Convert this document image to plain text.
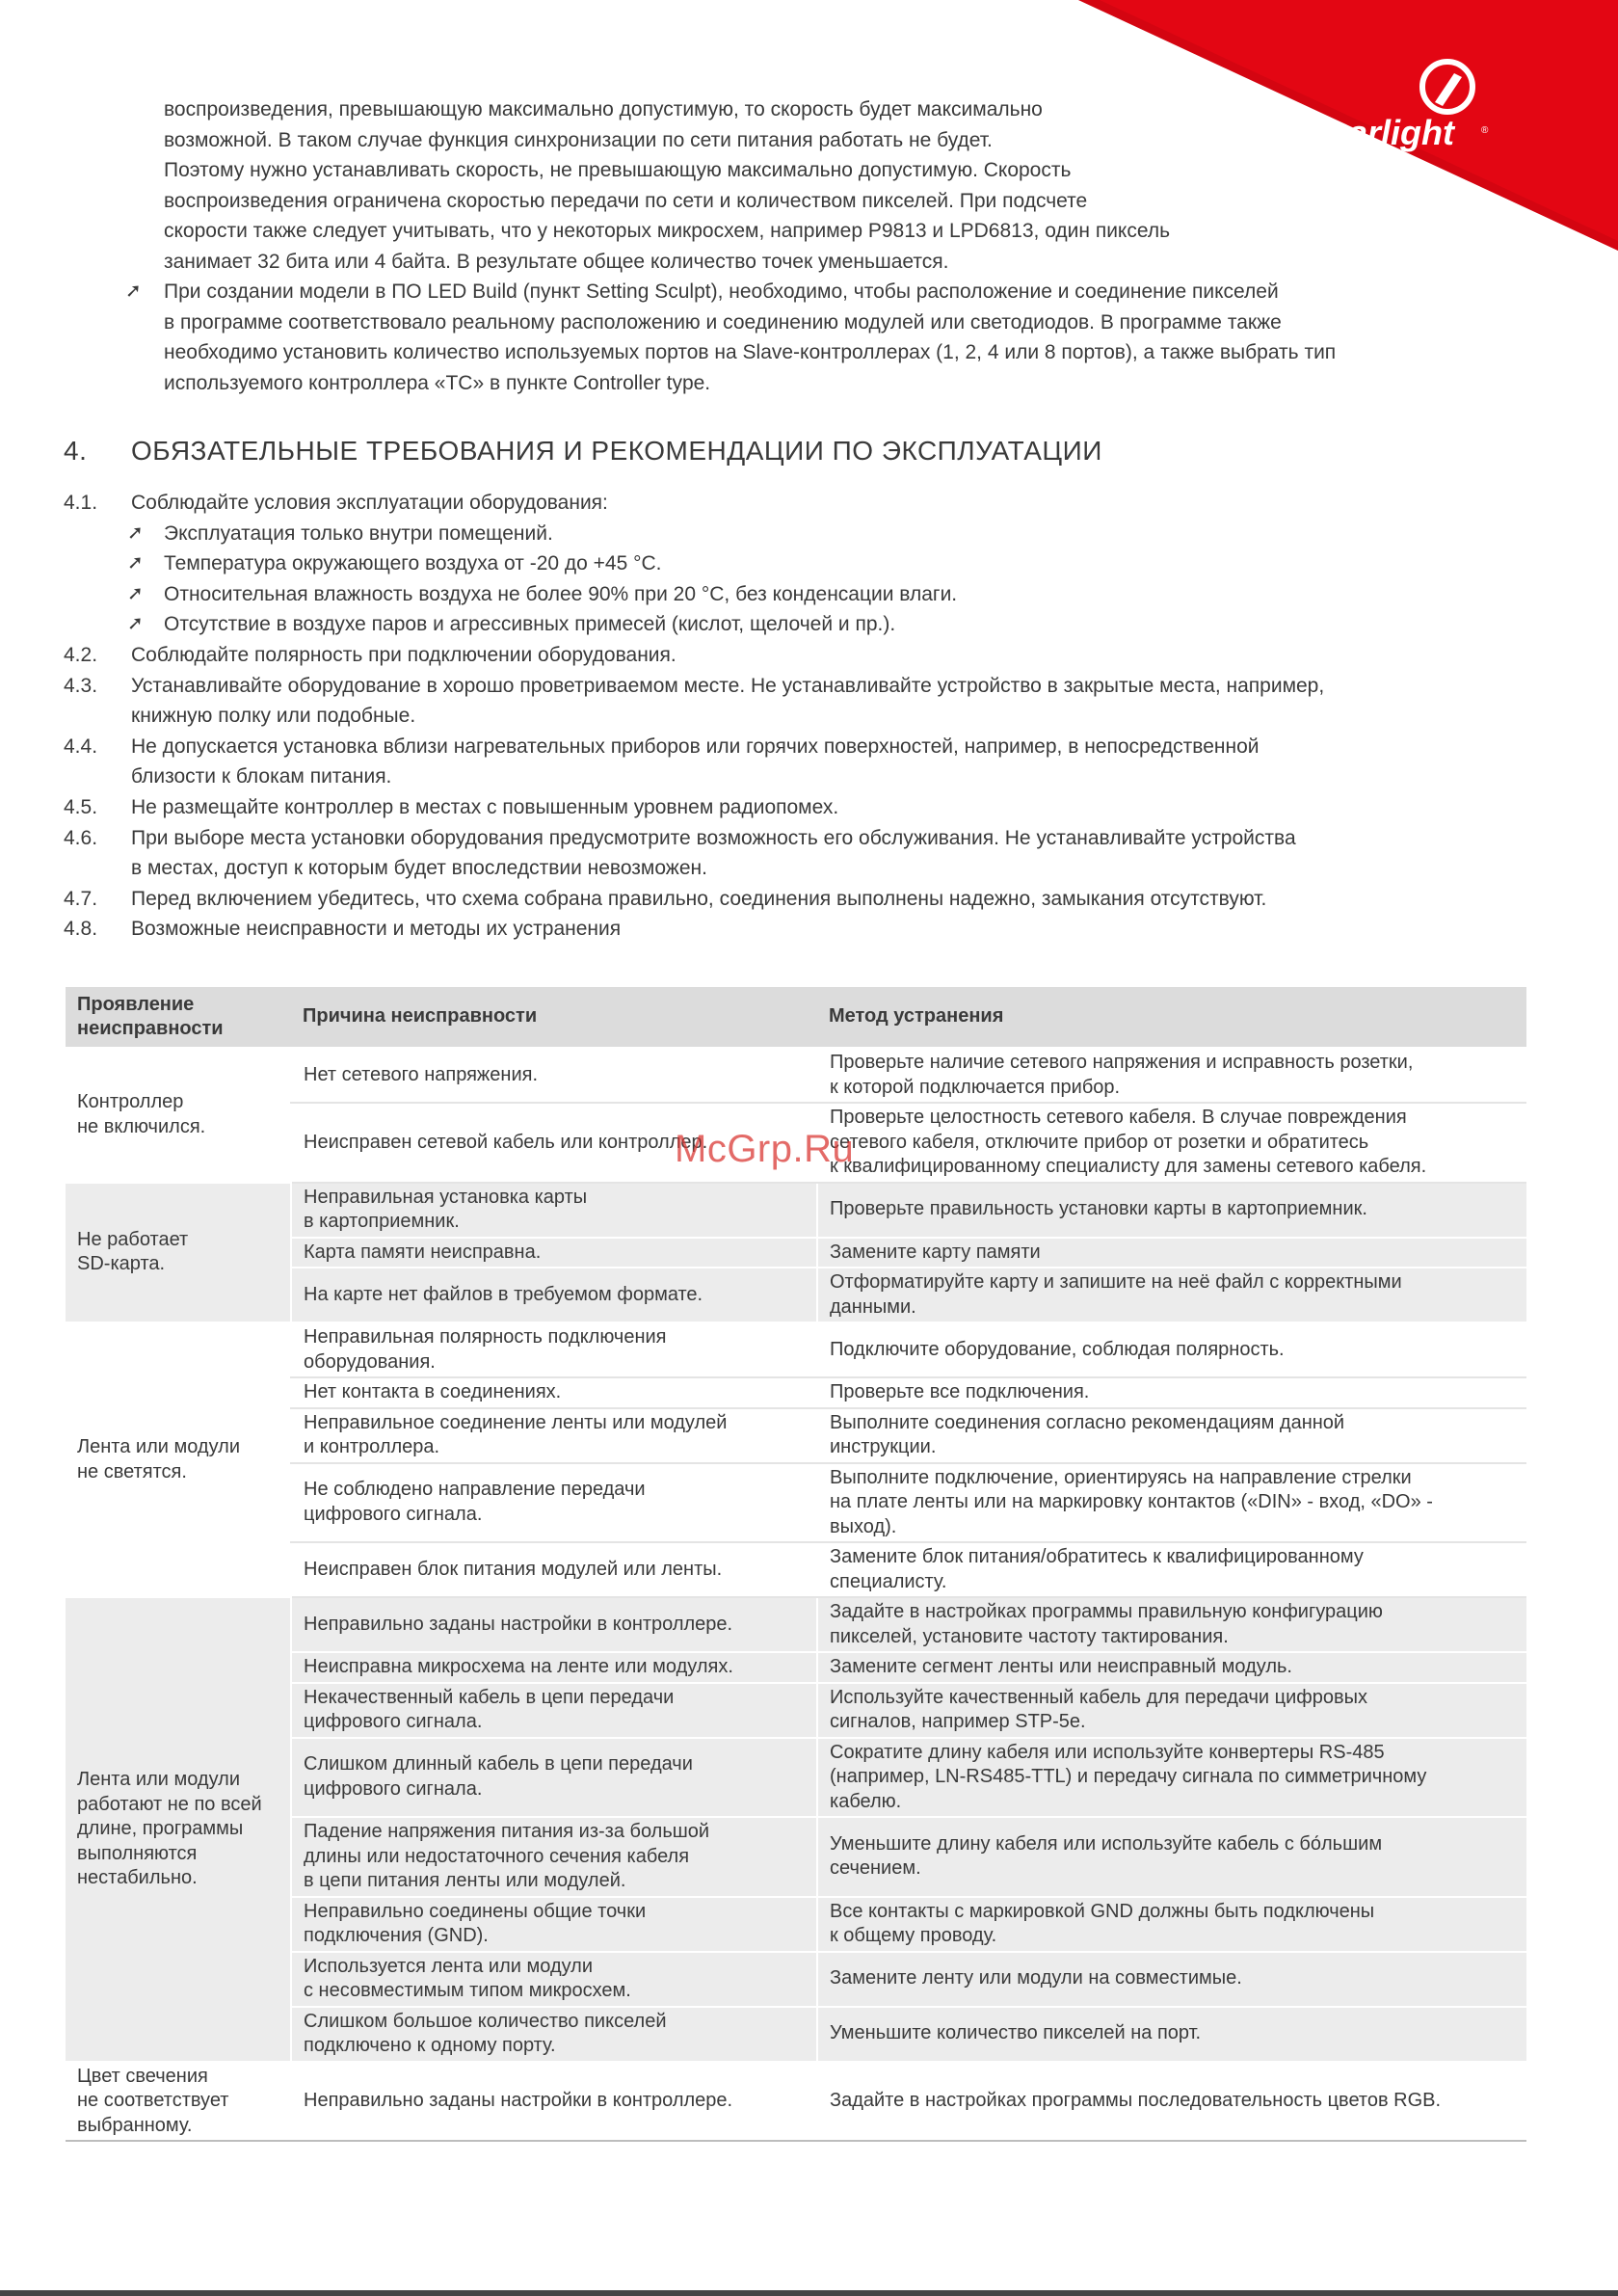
arlight	®

воспроизведения, превышающую максимально допустимую, то скорость будет максимально

возможной. В таком случае функция синхронизации по сети питания работать не будет.

Поэтому нужно устанавливать скорость, не превышающую максимально допустимую. Скорость

воспроизведения ограничена скоростью передачи по сети и количеством пикселей. При подсчете

скорости также следует учитывать, что у некоторых микросхем, например P9813 и LPD6813, один пиксель

занимает 32 бита или 4 байта. В результате общее количество точек уменьшается.

➚ При создании модели в ПО LED Build (пункт Setting Sculpt), необходимо, чтобы расположение и соединение пикселей

в программе соответствовало реальному расположению и соединению модулей или светодиодов. В программе также

необходимо установить количество используемых портов на Slave-контроллерах (1, 2, 4 или 8 портов), а также выбрать тип

используемого контроллера «TC» в пункте Controller type.

4. ОБЯЗАТЕЛЬНЫЕ ТРЕБОВАНИЯ И РЕКОМЕНДАЦИИ ПО ЭКСПЛУАТАЦИИ
4.1. Соблюдайте условия эксплуатации оборудования:
➚ Эксплуатация только внутри помещений.
➚ Температура окружающего воздуха от -20 до +45 °C.
➚ Относительная влажность воздуха не более 90% при 20 °C, без конденсации влаги.
➚ Отсутствие в воздухе паров и агрессивных примесей (кислот, щелочей и пр.).
4.2. Соблюдайте полярность при подключении оборудования.
4.3. Устанавливайте оборудование в хорошо проветриваемом месте. Не устанавливайте устройство в закрытые места, например,
книжную полку или подобные.
4.4. Не допускается установка вблизи нагревательных приборов или горячих поверхностей, например, в непосредственной
близости к блокам питания.
4.5. Не размещайте контроллер в местах с повышенным уровнем радиопомех.
4.6. При выборе места установки оборудования предусмотрите возможность его обслуживания. Не устанавливайте устройства
в местах, доступ к которым будет впоследствии невозможен.
4.7. Перед включением убедитесь, что схема собрана правильно, соединения выполнены надежно, замыкания отсутствуют.
4.8. Возможные неисправности и методы их устранения
Проявление
неисправности	Причина неисправности	Метод устранения
Контроллер
не включился.	Нет сетевого напряжения.	Проверьте наличие сетевого напряжения и исправность розетки,
к которой подключается прибор.
	Неисправен сетевой кабель или контроллер.	Проверьте целостность сетевого кабеля. В случае повреждения
сетевого кабеля, отключите прибор от розетки и обратитесь
к квалифицированному специалисту для замены сетевого кабеля.
Не работает
SD-карта.	Неправильная установка карты
в картоприемник.	Проверьте правильность установки карты в картоприемник.
	Карта памяти неисправна.	Замените карту памяти
	На карте нет файлов в требуемом формате.	Отформатируйте карту и запишите на неё файл с корректными
данными.
Лента или модули
не светятся.	Неправильная полярность подключения
оборудования.	Подключите оборудование, соблюдая полярность.
	Нет контакта в соединениях.	Проверьте все подключения.
	Неправильное соединение ленты или модулей
и контроллера.	Выполните соединения согласно рекомендациям данной
инструкции.
	Не соблюдено направление передачи
цифрового сигнала.	Выполните подключение, ориентируясь на направление стрелки
на плате ленты или на маркировку контактов («DIN» - вход, «DO» -
выход).
	Неисправен блок питания модулей или ленты.	Замените блок питания/обратитесь к квалифицированному
специалисту.
Лента или модули
работают не по всей
длине, программы
выполняются
нестабильно.	Неправильно заданы настройки в контроллере.	Задайте в настройках программы правильную конфигурацию
пикселей, установите частоту тактирования.
	Неисправна микросхема на ленте или модулях.	Замените сегмент ленты или неисправный модуль.
	Некачественный кабель в цепи передачи
цифрового сигнала.	Используйте качественный кабель для передачи цифровых
сигналов, например STP-5e.
	Слишком длинный кабель в цепи передачи
цифрового сигнала.	Сократите длину кабеля или используйте конвертеры RS-485
(например, LN-RS485-TTL) и передачу сигнала по симметричному
кабелю.
	Падение напряжения питания из-за большой
длины или недостаточного сечения кабеля
в цепи питания ленты или модулей.	Уменьшите длину кабеля или используйте кабель с бо́льшим
сечением.
	Неправильно соединены общие точки
подключения (GND).	Все контакты с маркировкой GND должны быть подключены
к общему проводу.
	Используется лента или модули
с несовместимым типом микросхем.	Замените ленту или модули на совместимые.
	Слишком большое количество пикселей
подключено к одному порту.	Уменьшите количество пикселей на порт.
Цвет свечения
не соответствует
выбранному.	Неправильно заданы настройки в контроллере.	Задайте в настройках программы последовательность цветов RGB.
McGrp.Ru
